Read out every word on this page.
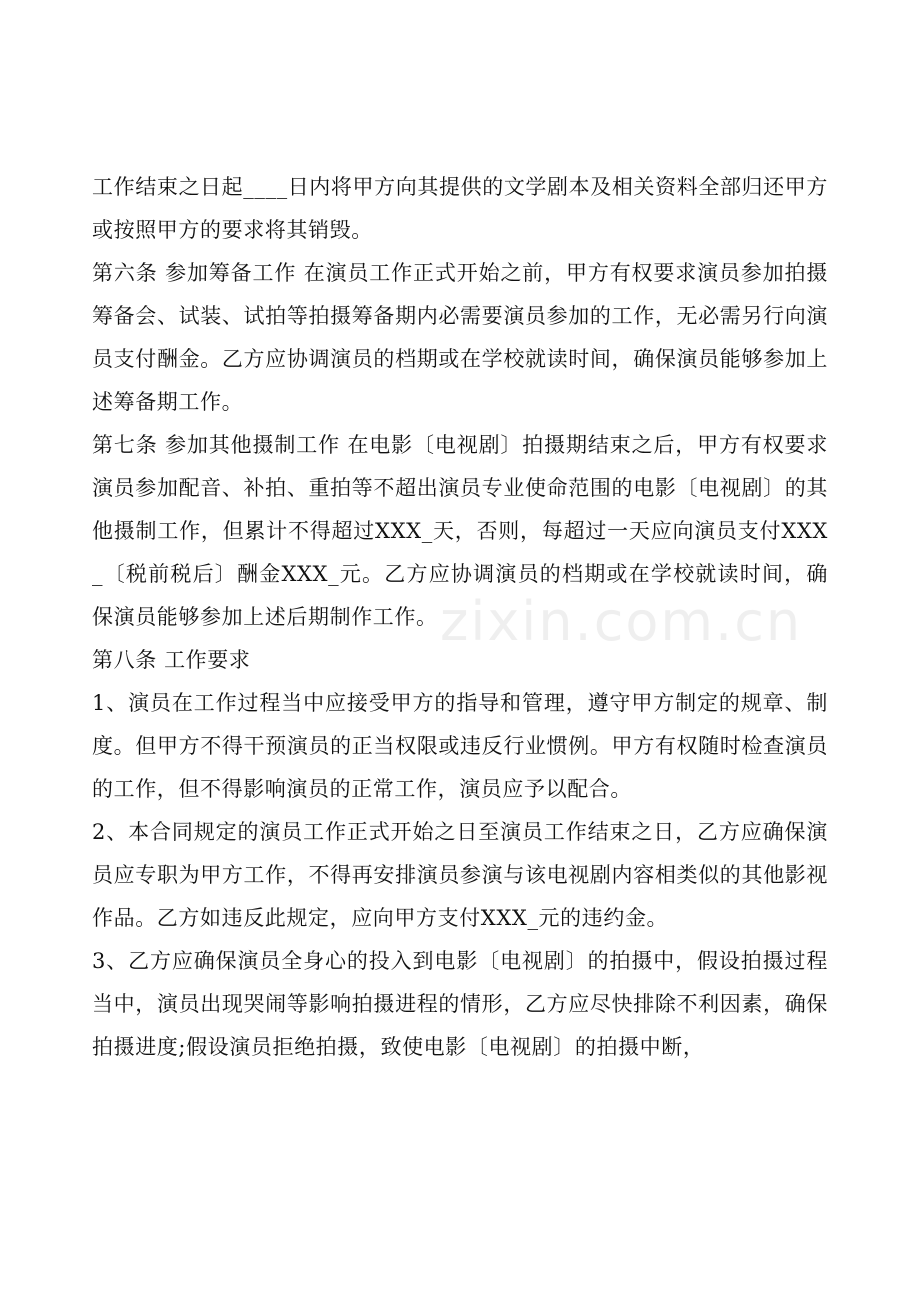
工作结束之日起____日内将甲方向其提供的文学剧本及相关资料全部归还甲方或按照甲方的要求将其销毁。

第六条 参加筹备工作 在演员工作正式开始之前，甲方有权要求演员参加拍摄筹备会、试装、试拍等拍摄筹备期内必需要演员参加的工作，无必需另行向演员支付酬金。乙方应协调演员的档期或在学校就读时间，确保演员能够参加上述筹备期工作。

第七条 参加其他摄制工作 在电影〔电视剧〕拍摄期结束之后，甲方有权要求演员参加配音、补拍、重拍等不超出演员专业使命范围的电影〔电视剧〕的其他摄制工作，但累计不得超过XXX_天，否则，每超过一天应向演员支付XXX_〔税前税后〕酬金XXX_元。乙方应协调演员的档期或在学校就读时间，确保演员能够参加上述后期制作工作。

第八条 工作要求

1、演员在工作过程当中应接受甲方的指导和管理，遵守甲方制定的规章、制度。但甲方不得干预演员的正当权限或违反行业惯例。甲方有权随时检查演员的工作，但不得影响演员的正常工作，演员应予以配合。

2、本合同规定的演员工作正式开始之日至演员工作结束之日，乙方应确保演员应专职为甲方工作，不得再安排演员参演与该电视剧内容相类似的其他影视作品。乙方如违反此规定，应向甲方支付XXX_元的违约金。

3、乙方应确保演员全身心的投入到电影〔电视剧〕的拍摄中，假设拍摄过程当中，演员出现哭闹等影响拍摄进程的情形，乙方应尽快排除不利因素，确保拍摄进度;假设演员拒绝拍摄，致使电影〔电视剧〕的拍摄中断，

zixin.com.cn
